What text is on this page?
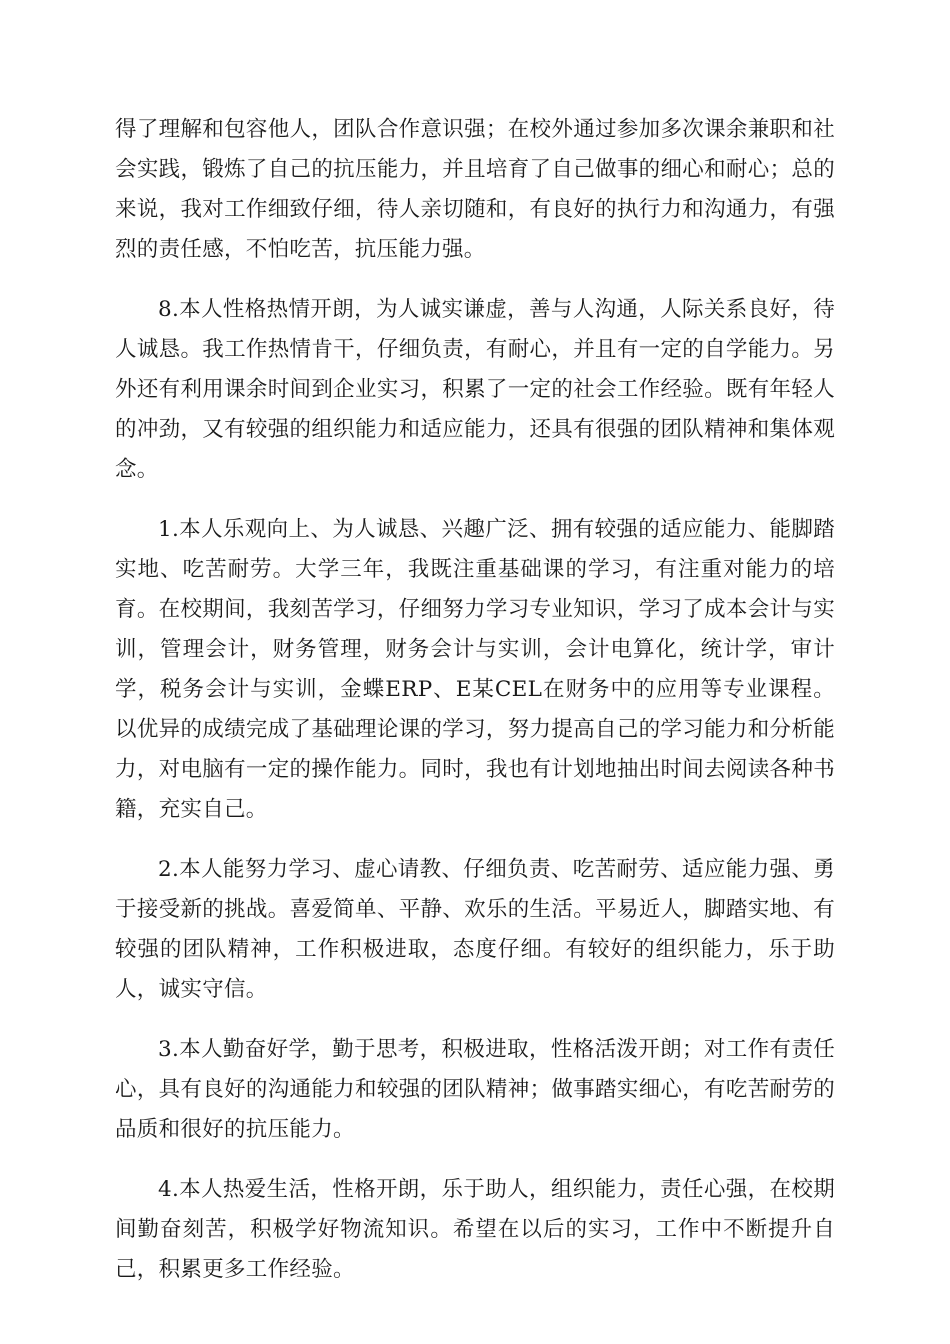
得了理解和包容他人，团队合作意识强；在校外通过参加多次课余兼职和社会实践，锻炼了自己的抗压能力，并且培育了自己做事的细心和耐心；总的来说，我对工作细致仔细，待人亲切随和，有良好的执行力和沟通力，有强烈的责任感，不怕吃苦，抗压能力强。

8.本人性格热情开朗，为人诚实谦虚，善与人沟通，人际关系良好，待人诚恳。我工作热情肯干，仔细负责，有耐心，并且有一定的自学能力。另外还有利用课余时间到企业实习，积累了一定的社会工作经验。既有年轻人的冲劲，又有较强的组织能力和适应能力，还具有很强的团队精神和集体观念。

1.本人乐观向上、为人诚恳、兴趣广泛、拥有较强的适应能力、能脚踏实地、吃苦耐劳。大学三年，我既注重基础课的学习，有注重对能力的培育。在校期间，我刻苦学习，仔细努力学习专业知识，学习了成本会计与实训，管理会计，财务管理，财务会计与实训，会计电算化，统计学，审计学，税务会计与实训，金蝶ERP、E某CEL在财务中的应用等专业课程。以优异的成绩完成了基础理论课的学习，努力提高自己的学习能力和分析能力，对电脑有一定的操作能力。同时，我也有计划地抽出时间去阅读各种书籍，充实自己。

2.本人能努力学习、虚心请教、仔细负责、吃苦耐劳、适应能力强、勇于接受新的挑战。喜爱简单、平静、欢乐的生活。平易近人，脚踏实地、有较强的团队精神，工作积极进取，态度仔细。有较好的组织能力，乐于助人，诚实守信。

3.本人勤奋好学，勤于思考，积极进取，性格活泼开朗；对工作有责任心，具有良好的沟通能力和较强的团队精神；做事踏实细心，有吃苦耐劳的品质和很好的抗压能力。

4.本人热爱生活，性格开朗，乐于助人，组织能力，责任心强，在校期间勤奋刻苦，积极学好物流知识。希望在以后的实习，工作中不断提升自己，积累更多工作经验。
